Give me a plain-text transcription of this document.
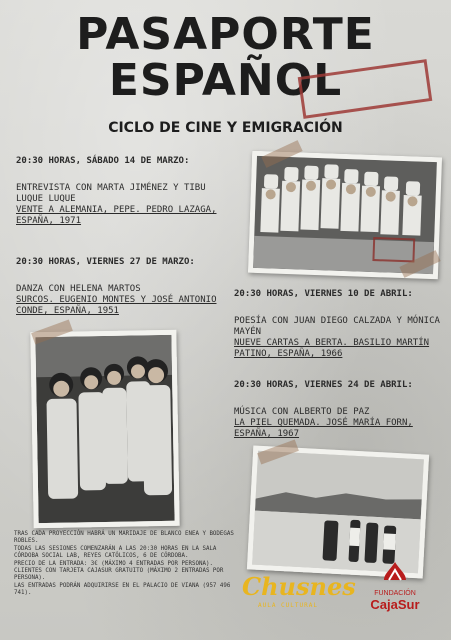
PASAPORTE
ESPAÑOL
CICLO DE CINE Y EMIGRACIÓN
20:30 HORAS, SÁBADO 14 DE MARZO:
ENTREVISTA CON MARTA JIMÉNEZ Y TIBU LUQUE LUQUE
VENTE A ALEMANIA, PEPE. PEDRO LAZAGA, ESPAÑA, 1971
20:30 HORAS, VIERNES 27 DE MARZO:
DANZA CON HELENA MARTOS
SURCOS. EUGENIO MONTES Y JOSÉ ANTONIO CONDE, ESPAÑA, 1951
20:30 HORAS, VIERNES 10 DE ABRIL:
POESÍA CON JUAN DIEGO CALZADA Y MÓNICA MAYÉN
NUEVE CARTAS A BERTA. BASILIO MARTÍN PATINO, ESPAÑA, 1966
20:30 HORAS, VIERNES 24 DE ABRIL:
MÚSICA CON ALBERTO DE PAZ
LA PIEL QUEMADA. JOSÉ MARÍA FORN, ESPAÑA, 1967
TRAS CADA PROYECCIÓN HABRÁ UN MARIDAJE DE BLANCO ENEA Y BODEGAS ROBLES.
TODAS LAS SESIONES COMENZARÁN A LAS 20:30 HORAS EN LA SALA CÓRDOBA SOCIAL LAB, REYES CATÓLICOS, 6 DE CÓRDOBA.
PRECIO DE LA ENTRADA: 3€ (MÁXIMO 4 ENTRADAS POR PERSONA).
CLIENTES CON TARJETA CAJASUR GRATUITO (MÁXIMO 2 ENTRADAS POR PERSONA).
LAS ENTRADAS PODRÁN ADQUIRIRSE EN EL PALACIO DE VIANA (957 496 741).	Chusnes
AULA CULTURAL
FUNDACIÓN
CajaSur
